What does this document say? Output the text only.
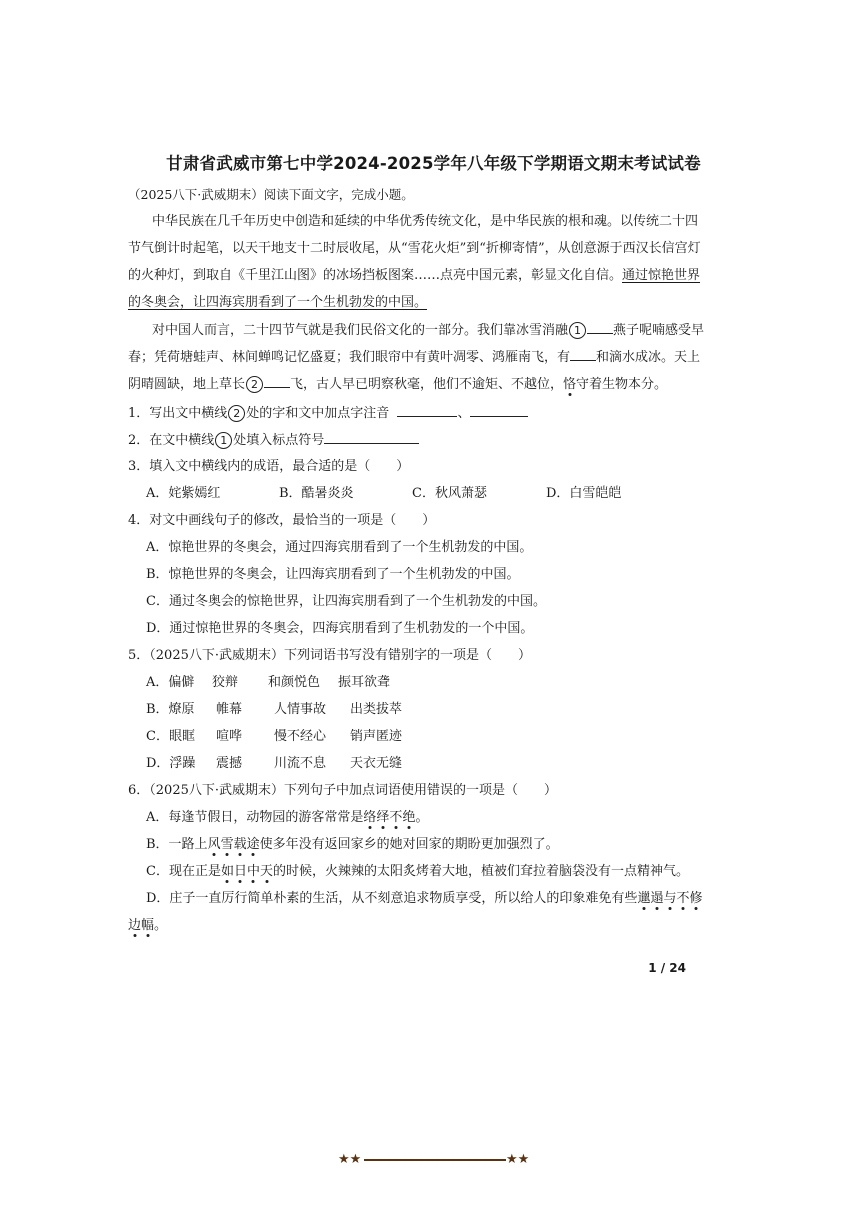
甘肃省武威市第七中学2024-2025学年八年级下学期语文期末考试试卷
（2025八下·武威期末）阅读下面文字，完成小题。
中华民族在几千年历史中创造和延续的中华优秀传统文化，是中华民族的根和魂。以传统二十四
节气倒计时起笔，以天干地支十二时辰收尾，从“雪花火炬”到“折柳寄情”，从创意源于西汉长信宫灯
的火种灯，到取自《千里江山图》的冰场挡板图案……点亮中国元素，彰显文化自信。通过惊艳世界
的冬奥会，让四海宾朋看到了一个生机勃发的中国。
对中国人而言，二十四节气就是我们民俗文化的一部分。我们靠冰雪消融 1 燕子呢喃感受早
春；凭荷塘蛙声、林间蝉鸣记忆盛夏；我们眼帘中有黄叶凋零、鸿雁南飞，有 和滴水成冰。天上
阴晴圆缺，地上草长 2 飞，古人早已明察秋毫，他们不逾矩、不越位，恪守着生物本分。
1．写出文中横线 2 处的字和文中加点字注音	、
2．在文中横线 1 处填入标点符号
3．填入文中横线内的成语，最合适的是（　　）
A．姹紫嫣红	B．酷暑炎炎	C．秋风萧瑟	D．白雪皑皑
4．对文中画线句子的修改，最恰当的一项是（　　）
A．惊艳世界的冬奥会，通过四海宾朋看到了一个生机勃发的中国。
B．惊艳世界的冬奥会，让四海宾朋看到了一个生机勃发的中国。
C．通过冬奥会的惊艳世界，让四海宾朋看到了一个生机勃发的中国。
D．通过惊艳世界的冬奥会，四海宾朋看到了生机勃发的一个中国。
5．（2025八下·武威期末）下列词语书写没有错别字的一项是（　　）
A．偏僻 狡辩 和颜悦色 振耳欲聋
B．燎原 帷幕 人情事故 出类拔萃
C．眼眶 喧哗 慢不经心 销声匿迹
D．浮躁 震撼 川流不息 天衣无缝
6．（2025八下·武威期末）下列句子中加点词语使用错误的一项是（　　）
A．每逢节假日，动物园的游客常常是络绎不绝。
B．一路上风雪载途使多年没有返回家乡的她对回家的期盼更加强烈了。
C．现在正是如日中天的时候，火辣辣的太阳炙烤着大地，植被们耷拉着脑袋没有一点精神气。
D．庄子一直厉行简单朴素的生活，从不刻意追求物质享受，所以给人的印象难免有些邋遢与不修
边幅。
1 / 24
★★	★★
